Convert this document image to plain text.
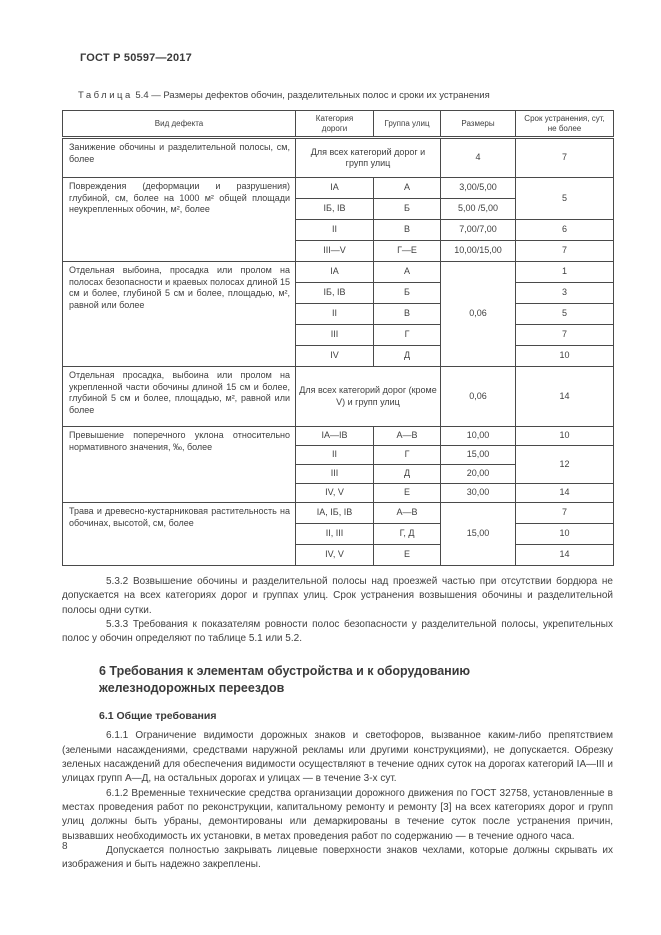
ГОСТ Р 50597—2017
Таблица 5.4 — Размеры дефектов обочин, разделительных полос и сроки их устранения
Вид дефекта	Категория дороги	Группа улиц	Размеры	Срок устранения, сут, не более
Занижение обочины и разделительной полосы, см, более	Для всех категорий дорог и групп улиц		4	7
Повреждения (деформации и разрушения) глубиной, см, более на 1000 м² общей площади неукрепленных обочин, м², более	IА	А	3,00/5,00	5
	IБ, IВ	Б	5,00 /5,00	
	II	В	7,00/7,00	6
	III—V	Г—Е	10,00/15,00	7
Отдельная выбоина, просадка или пролом на полосах безопасности и краевых полосах длиной 15 см и более, глубиной 5 см и более, площадью, м², равной или более	IА	А	0,06	1
	IБ, IВ	Б		3
	II	В		5
	III	Г		7
	IV	Д		10
Отдельная просадка, выбоина или пролом на укрепленной части обочины длиной 15 см и более, глубиной 5 см и более, площадью, м², равной или более	Для всех категорий дорог (кроме V) и групп улиц		0,06	14
Превышение поперечного уклона относительно нормативного значения, ‰, более	IА—IВ	А—В	10,00	10
	II	Г	15,00	12
	III	Д	20,00	
	IV, V	Е	30,00	14
Трава и древесно-кустарниковая растительность на обочинах, высотой, см, более	IА, IБ, IВ	А—В	15,00	7
	II, III	Г, Д		10
	IV, V	Е		14

5.3.2 Возвышение обочины и разделительной полосы над проезжей частью при отсутствии бордюра не допускается на всех категориях дорог и группах улиц. Срок устранения возвышения обочины и разделительной полосы одни сутки.

5.3.3 Требования к показателям ровности полос безопасности у разделительной полосы, укрепительных полос у обочин определяют по таблице 5.1 или 5.2.

6 Требования к элементам обустройства и к оборудованию железнодорожных переездов
6.1 Общие требования

6.1.1 Ограничение видимости дорожных знаков и светофоров, вызванное каким-либо препятствием (зелеными насаждениями, средствами наружной рекламы или другими конструкциями), не допускается. Обрезку зеленых насаждений для обеспечения видимости осуществляют в течение одних суток на дорогах категорий IА—III и улицах групп А—Д, на остальных дорогах и улицах — в течение 3-х сут.

6.1.2 Временные технические средства организации дорожного движения по ГОСТ 32758, установленные в местах проведения работ по реконструкции, капитальному ремонту и ремонту [3] на всех категориях дорог и групп улиц должны быть убраны, демонтированы или демаркированы в течение суток после устранения причин, вызвавших необходимость их установки, в метах проведения работ по содержанию — в течение одного часа.

Допускается полностью закрывать лицевые поверхности знаков чехлами, которые должны скрывать их изображения и быть надежно закреплены.

8
